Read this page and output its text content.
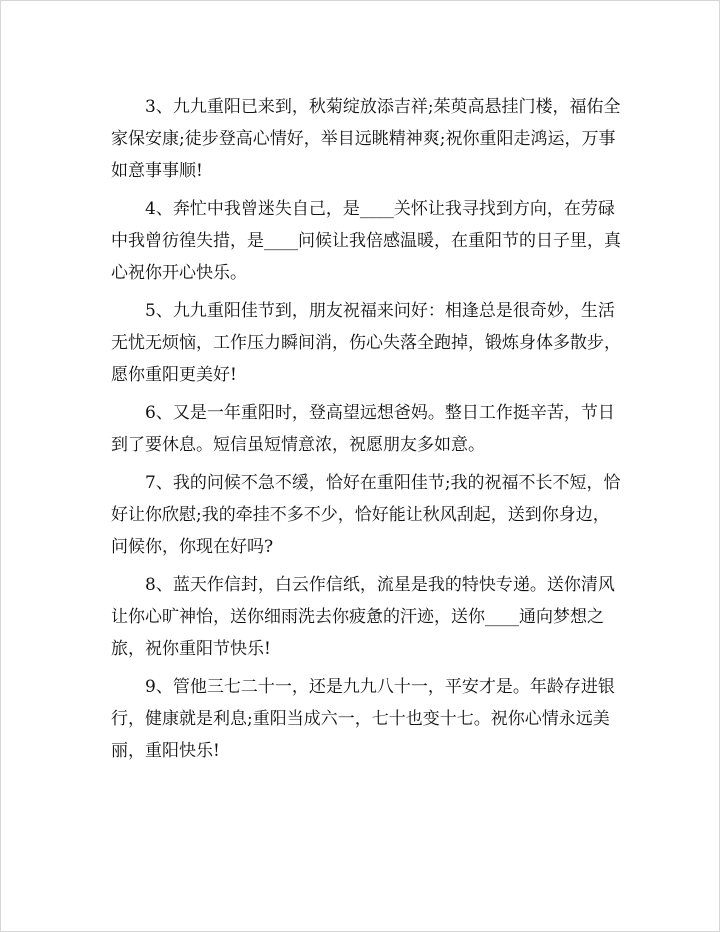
3、九九重阳已来到，秋菊绽放添吉祥;茱萸高悬挂门楼，福佑全家保安康;徒步登高心情好，举目远眺精神爽;祝你重阳走鸿运，万事如意事事顺!

4、奔忙中我曾迷失自己，是____关怀让我寻找到方向，在劳碌中我曾彷徨失措，是____问候让我倍感温暖，在重阳节的日子里，真心祝你开心快乐。

5、九九重阳佳节到，朋友祝福来问好：相逢总是很奇妙，生活无忧无烦恼，工作压力瞬间消，伤心失落全跑掉，锻炼身体多散步，愿你重阳更美好!

6、又是一年重阳时，登高望远想爸妈。整日工作挺辛苦，节日到了要休息。短信虽短情意浓，祝愿朋友多如意。

7、我的问候不急不缓，恰好在重阳佳节;我的祝福不长不短，恰好让你欣慰;我的牵挂不多不少，恰好能让秋风刮起，送到你身边，问候你，你现在好吗?

8、蓝天作信封，白云作信纸，流星是我的特快专递。送你清风让你心旷神怡，送你细雨洗去你疲惫的汗迹，送你____通向梦想之旅，祝你重阳节快乐!

9、管他三七二十一，还是九九八十一，平安才是。年龄存进银行，健康就是利息;重阳当成六一，七十也变十七。祝你心情永远美丽，重阳快乐!
